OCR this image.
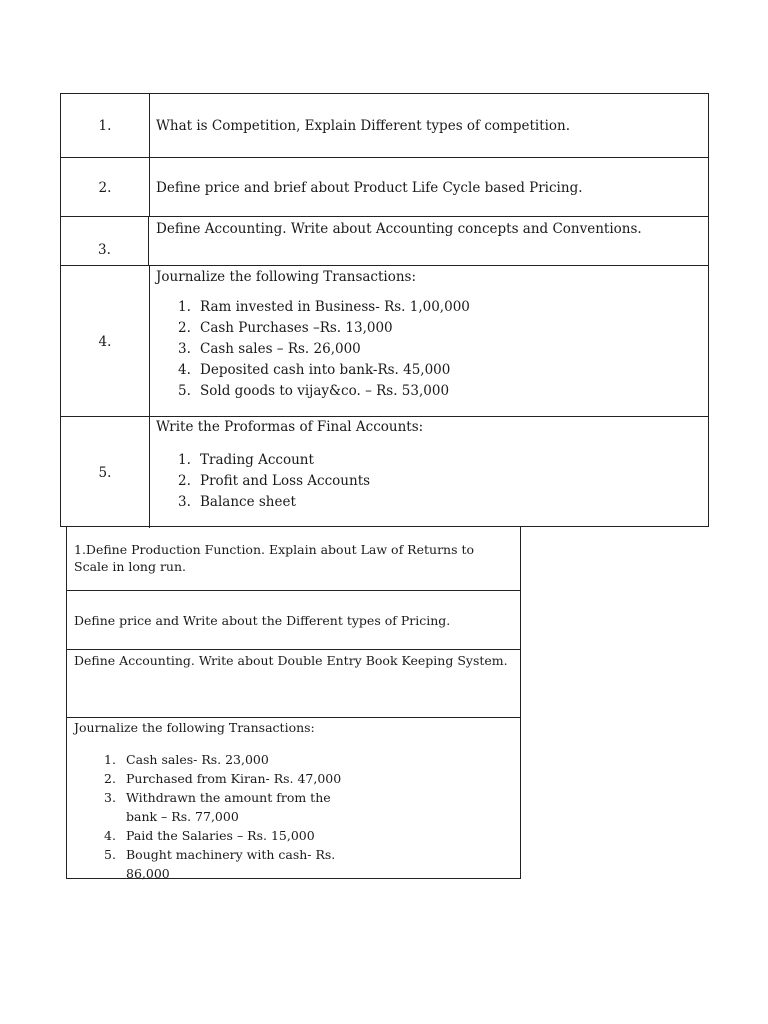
1.	What is Competition, Explain Different types of competition.
2.	Define price and brief about Product Life Cycle based Pricing.
3.
Define Accounting. Write about Accounting concepts and Conventions.
4.
Journalize the following Transactions:
1. Ram invested in Business- Rs. 1,00,000
2. Cash Purchases –Rs. 13,000
3. Cash sales – Rs. 26,000
4. Deposited cash into bank-Rs. 45,000
5. Sold goods to vijay&co. – Rs. 53,000
5.
Write the Proformas of Final Accounts:
1. Trading Account
2. Profit and Loss Accounts
3. Balance sheet
1.Define Production Function. Explain about Law of Returns to Scale in long run.
Define price and Write about the Different types of Pricing.
Define Accounting. Write about Double Entry Book Keeping System.
Journalize the following Transactions:
1. Cash sales- Rs. 23,000
2. Purchased from Kiran- Rs. 47,000
3. Withdrawn the amount from the bank – Rs. 77,000
4. Paid the Salaries – Rs. 15,000
5. Bought machinery with cash- Rs. 86,000
